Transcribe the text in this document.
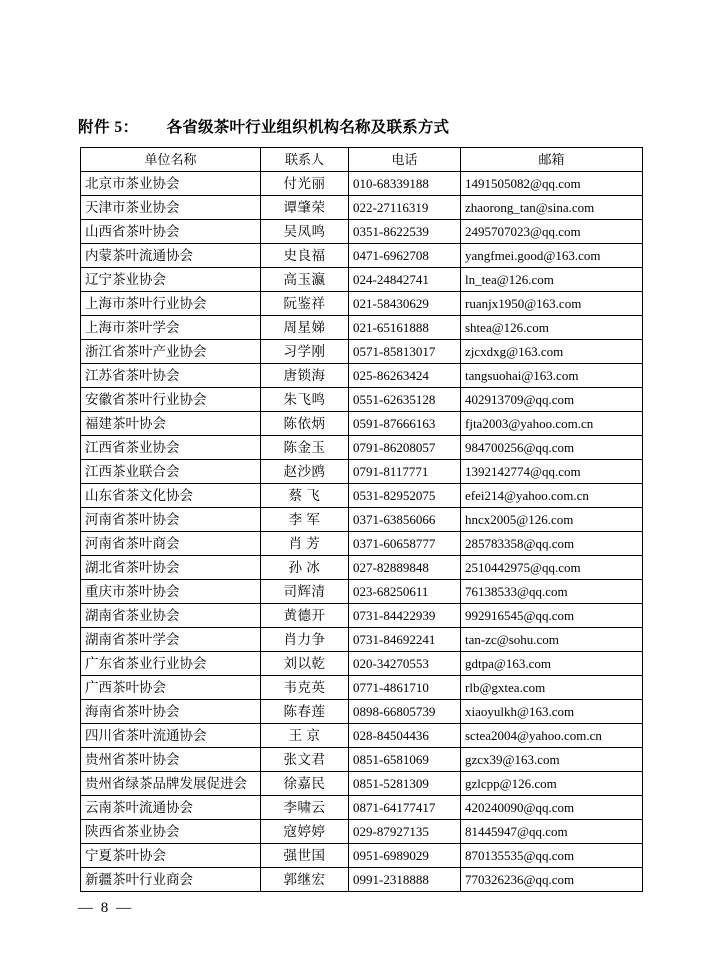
附件 5： 各省级茶叶行业组织机构名称及联系方式
单位名称	联系人	电话	邮箱
北京市茶业协会	付光丽	010-68339188	1491505082@qq.com
天津市茶业协会	谭肇荣	022-27116319	zhaorong_tan@sina.com
山西省茶叶协会	吴凤鸣	0351-8622539	2495707023@qq.com
内蒙茶叶流通协会	史良福	0471-6962708	yangfmei.good@163.com
辽宁茶业协会	高玉瀛	024-24842741	ln_tea@126.com
上海市茶叶行业协会	阮鉴祥	021-58430629	ruanjx1950@163.com
上海市茶叶学会	周星娣	021-65161888	shtea@126.com
浙江省茶叶产业协会	习学刚	0571-85813017	zjcxdxg@163.com
江苏省茶叶协会	唐锁海	025-86263424	tangsuohai@163.com
安徽省茶叶行业协会	朱飞鸣	0551-62635128	402913709@qq.com
福建茶叶协会	陈依炳	0591-87666163	fjta2003@yahoo.com.cn
江西省茶业协会	陈金玉	0791-86208057	984700256@qq.com
江西茶业联合会	赵沙鸥	0791-8117771	1392142774@qq.com
山东省茶文化协会	蔡 飞	0531-82952075	efei214@yahoo.com.cn
河南省茶叶协会	李 军	0371-63856066	hncx2005@126.com
河南省茶叶商会	肖 芳	0371-60658777	285783358@qq.com
湖北省茶叶协会	孙 冰	027-82889848	2510442975@qq.com
重庆市茶叶协会	司辉清	023-68250611	76138533@qq.com
湖南省茶业协会	黄德开	0731-84422939	992916545@qq.com
湖南省茶叶学会	肖力争	0731-84692241	tan-zc@sohu.com
广东省茶业行业协会	刘以乾	020-34270553	gdtpa@163.com
广西茶叶协会	韦克英	0771-4861710	rlb@gxtea.com
海南省茶叶协会	陈春莲	0898-66805739	xiaoyulkh@163.com
四川省茶叶流通协会	王 京	028-84504436	sctea2004@yahoo.com.cn
贵州省茶叶协会	张文君	0851-6581069	gzcx39@163.com
贵州省绿茶品牌发展促进会	徐嘉民	0851-5281309	gzlcpp@126.com
云南茶叶流通协会	李啸云	0871-64177417	420240090@qq.com
陕西省茶业协会	寇婷婷	029-87927135	81445947@qq.com
宁夏茶叶协会	强世国	0951-6989029	870135535@qq.com
新疆茶叶行业商会	郭继宏	0991-2318888	770326236@qq.com
— 8 —
